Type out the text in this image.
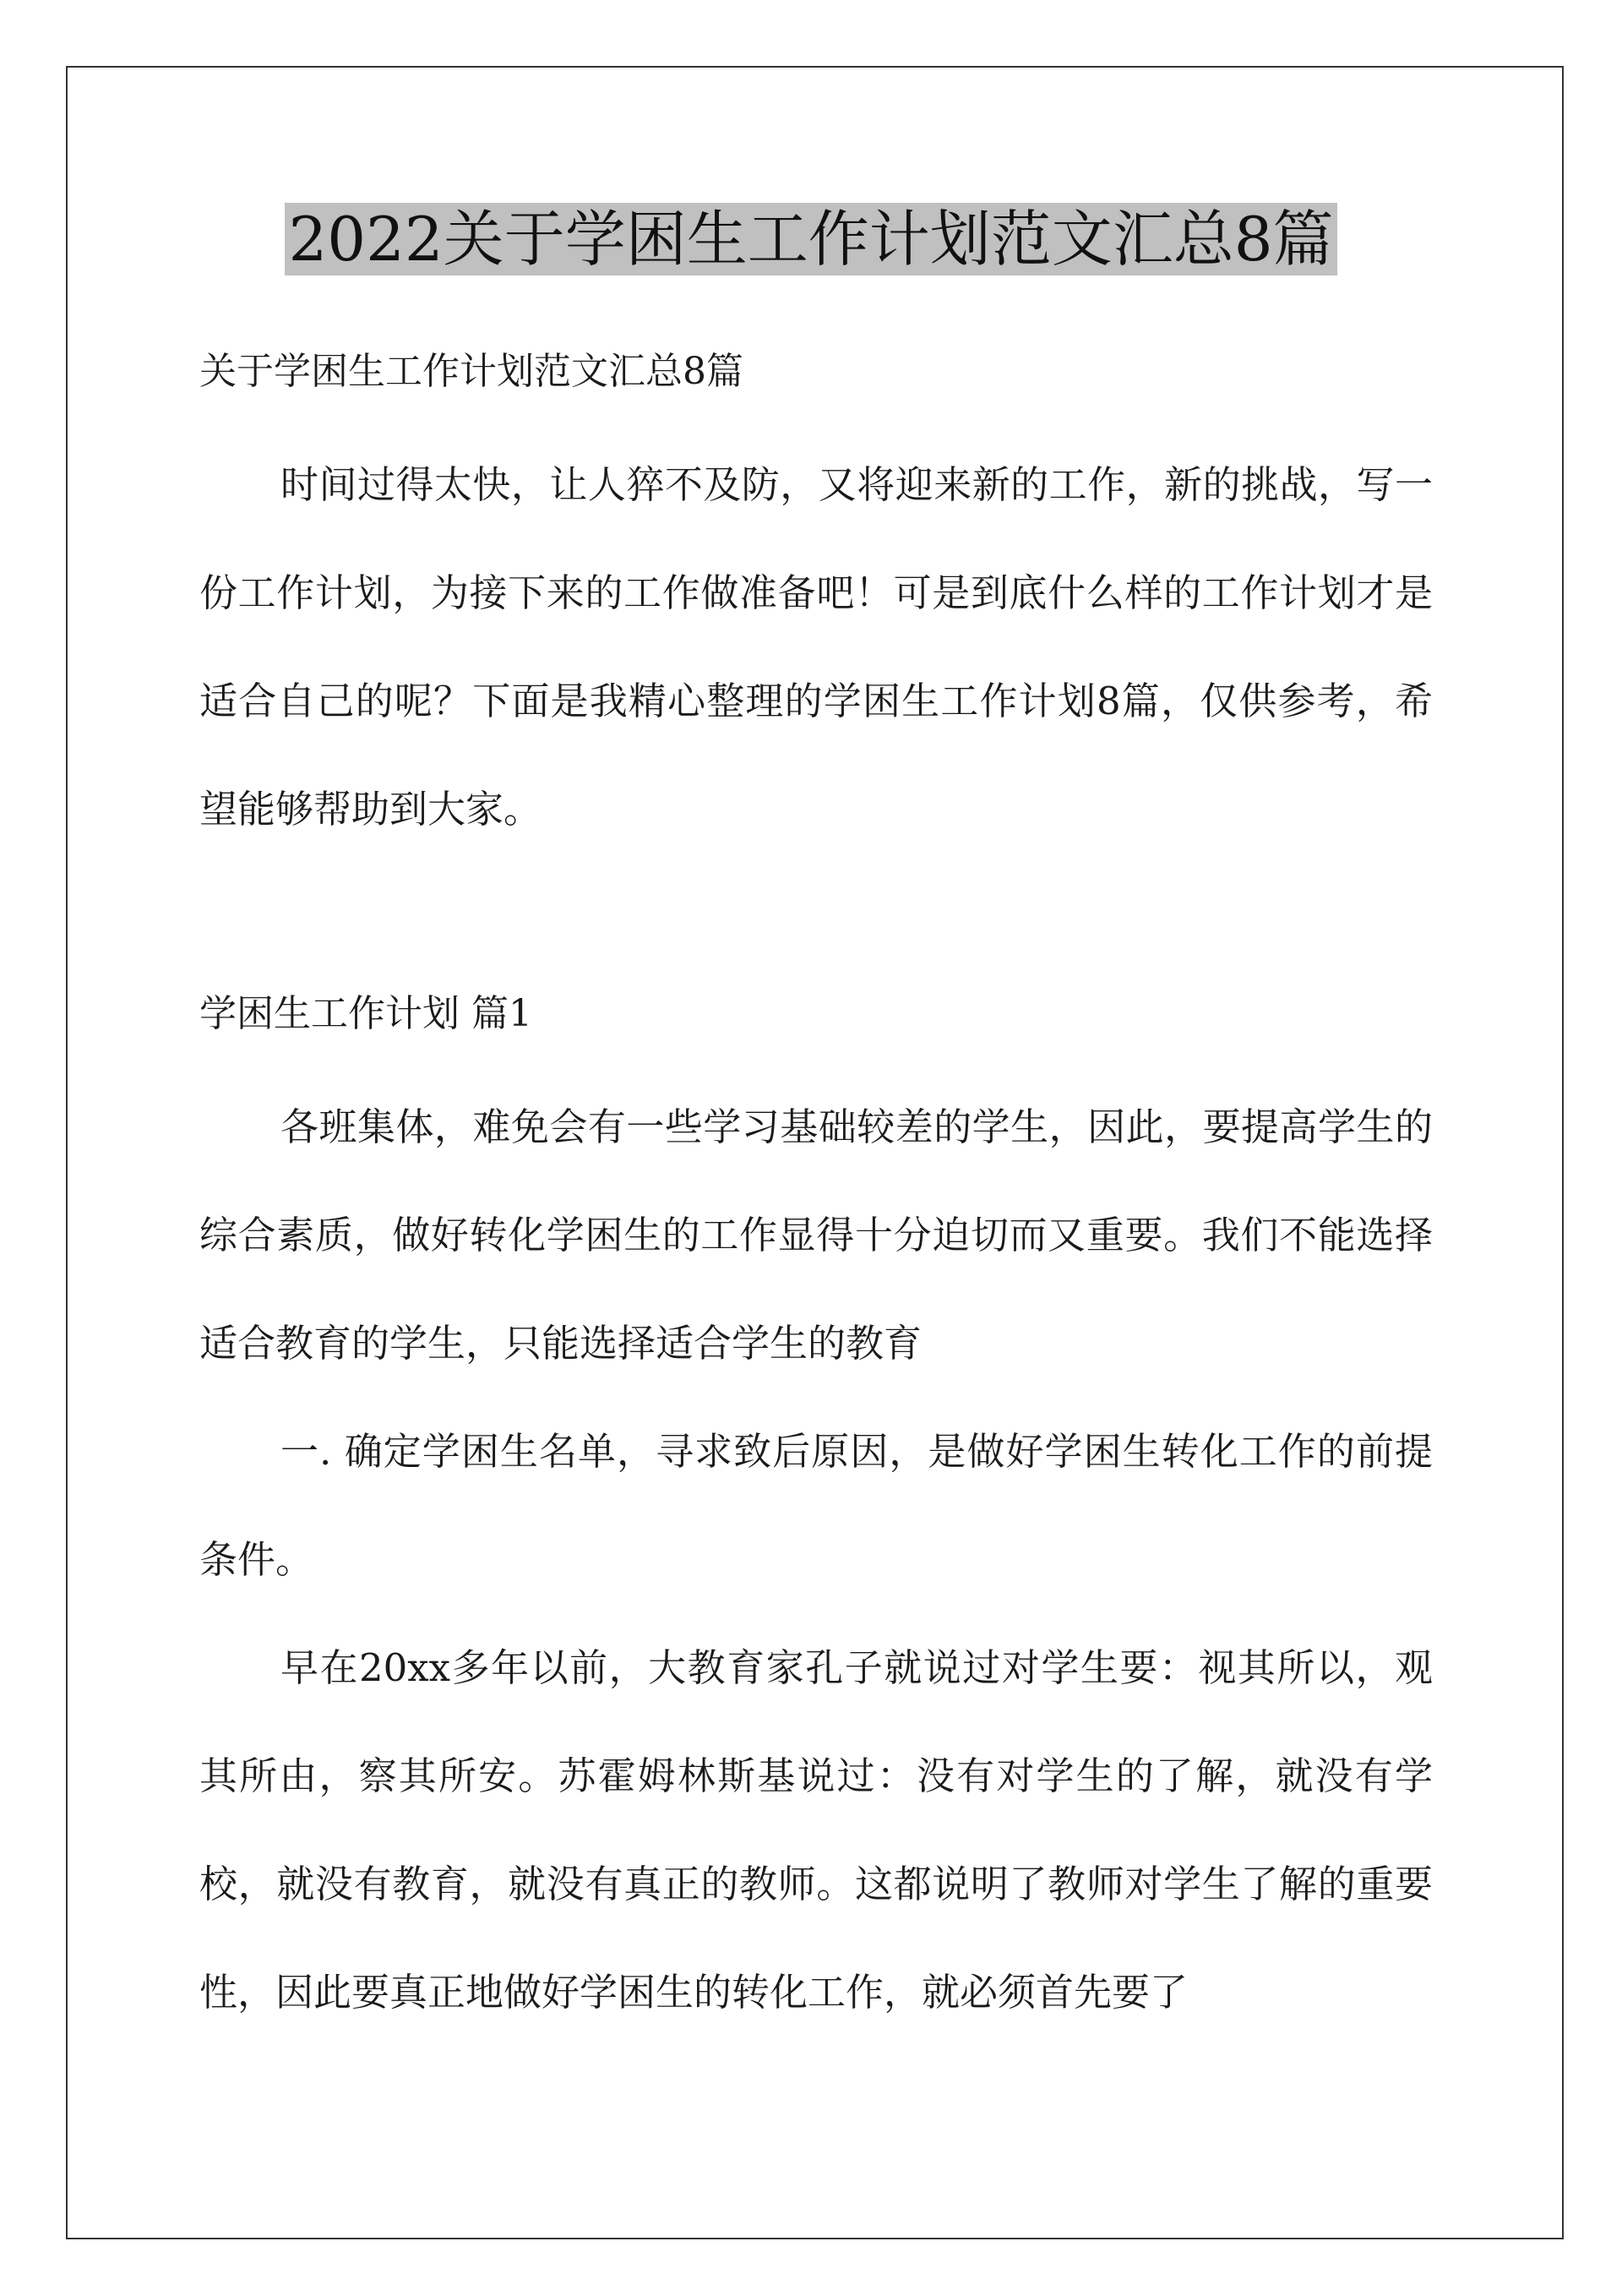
2022关于学困生工作计划范文汇总8篇
关于学困生工作计划范文汇总8篇

时间过得太快，让人猝不及防，又将迎来新的工作，新的挑战，写一份工作计划，为接下来的工作做准备吧！可是到底什么样的工作计划才是适合自己的呢？下面是我精心整理的学困生工作计划8篇，仅供参考，希望能够帮助到大家。

学困生工作计划 篇1

各班集体，难免会有一些学习基础较差的学生，因此，要提高学生的综合素质，做好转化学困生的工作显得十分迫切而又重要。我们不能选择适合教育的学生，只能选择适合学生的教育

一. 确定学困生名单，寻求致后原因，是做好学困生转化工作的前提条件。

早在20xx多年以前，大教育家孔子就说过对学生要：视其所以，观其所由，察其所安。苏霍姆林斯基说过：没有对学生的了解，就没有学校，就没有教育，就没有真正的教师。这都说明了教师对学生了解的重要性，因此要真正地做好学困生的转化工作，就必须首先要了
